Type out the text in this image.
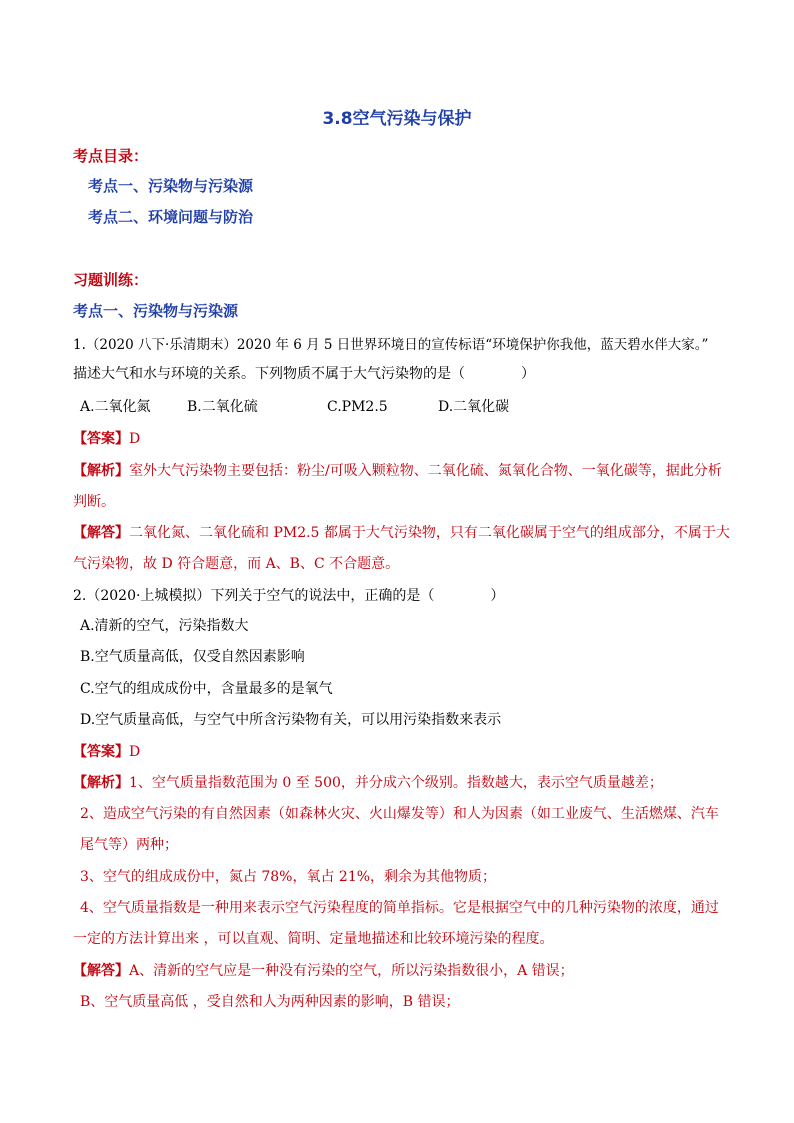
3.8空气污染与保护
考点目录：
考点一、污染物与污染源
考点二、环境问题与防治
习题训练：
考点一、污染物与污染源
1.（2020 八下·乐清期末）2020 年 6 月 5 日世界环境日的宣传标语“环境保护你我他，蓝天碧水伴大家。”
描述大气和水与环境的关系。下列物质不属于大气污染物的是（　　　　）
A.二氧化氮	B.二氧化硫	C.PM2.5	D.二氧化碳
【答案】D
【解析】室外大气污染物主要包括：粉尘/可吸入颗粒物、二氧化硫、氮氧化合物、一氧化碳等，据此分析
判断。
【解答】二氧化氮、二氧化硫和 PM2.5 都属于大气污染物，只有二氧化碳属于空气的组成部分，不属于大
气污染物，故 D 符合题意，而 A、B、C 不合题意。
2.（2020·上城模拟）下列关于空气的说法中，正确的是（　　　　）
A.清新的空气，污染指数大
B.空气质量高低，仅受自然因素影响
C.空气的组成成份中，含量最多的是氧气
D.空气质量高低，与空气中所含污染物有关，可以用污染指数来表示
【答案】D
【解析】1、空气质量指数范围为 0 至 500，并分成六个级别。指数越大，表示空气质量越差；
2、造成空气污染的有自然因素（如森林火灾、火山爆发等）和人为因素（如工业废气、生活燃煤、汽车
尾气等）两种；
3、空气的组成成份中，氮占 78%，氧占 21%，剩余为其他物质；
4、空气质量指数是一种用来表示空气污染程度的简单指标。它是根据空气中的几种污染物的浓度，通过
一定的方法计算出来 ，可以直观、简明、定量地描述和比较环境污染的程度。
【解答】A、清新的空气应是一种没有污染的空气，所以污染指数很小，A 错误；
B、空气质量高低 ，受自然和人为两种因素的影响，B 错误；
